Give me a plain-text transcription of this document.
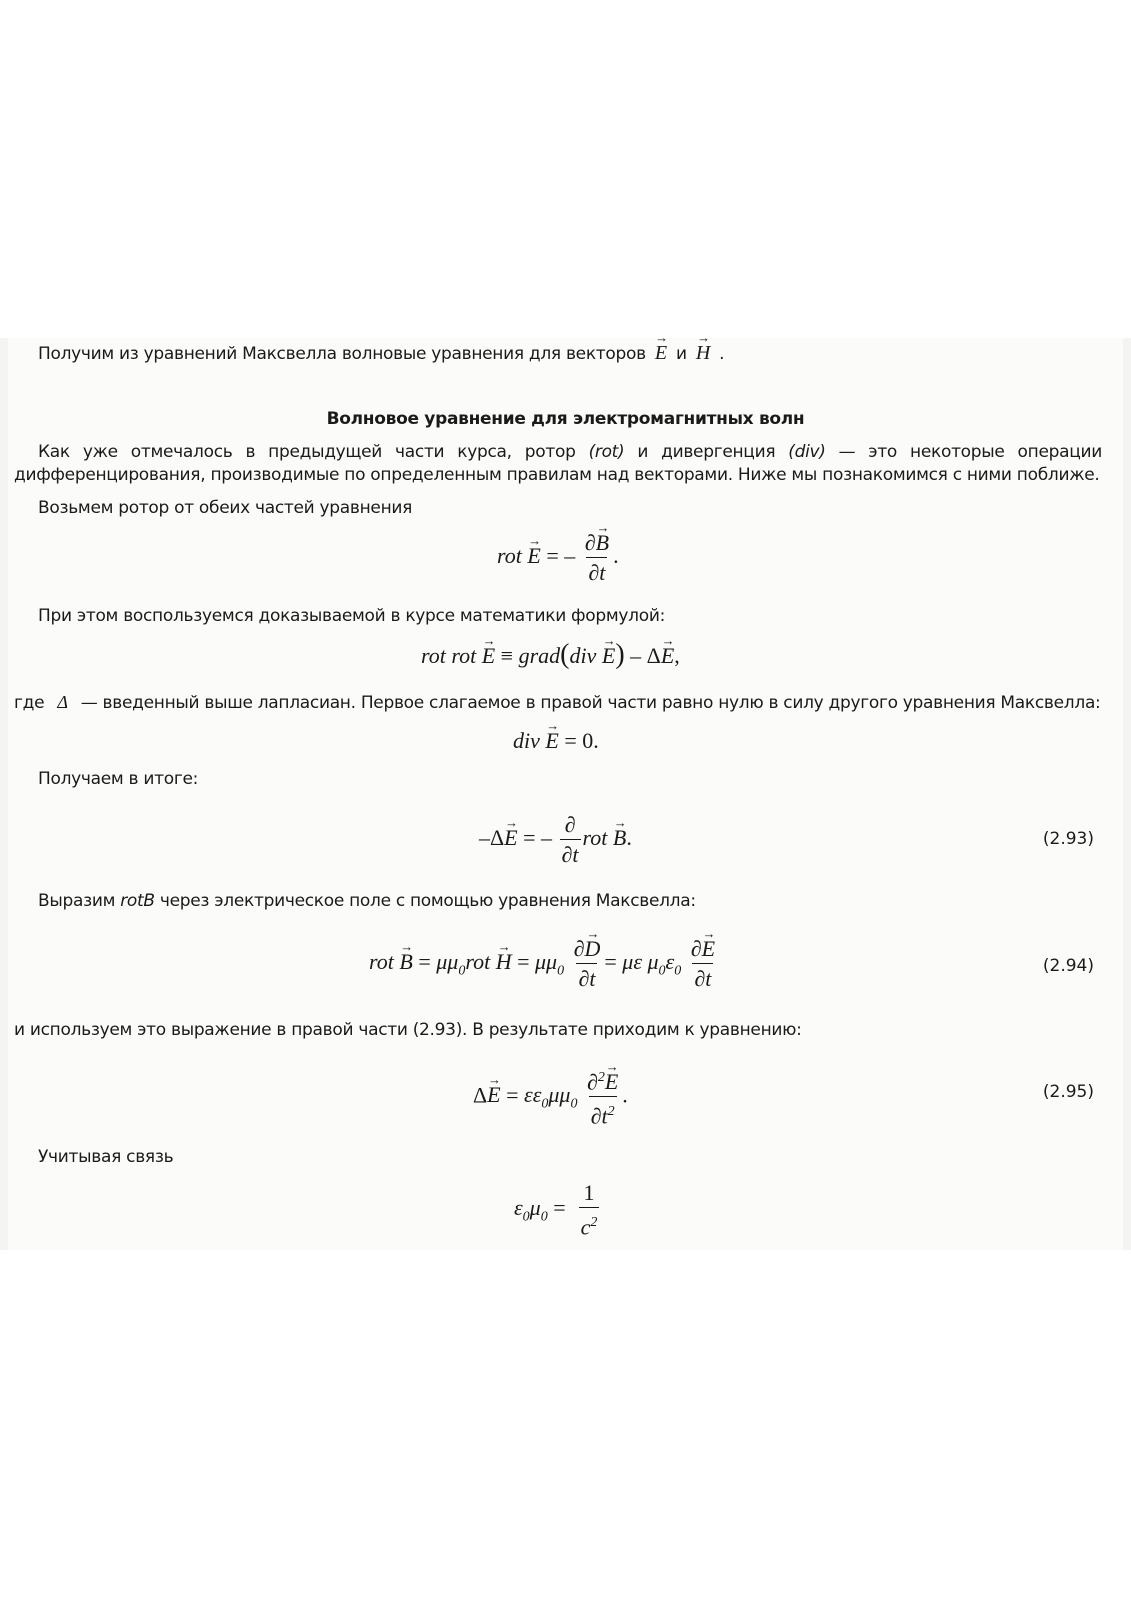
Получим из уравнений Максвелла волновые уравнения для векторов → E и → H .
Волновое уравнение для электромагнитных волн
Как уже отмечалось в предыдущей части курса, ротор (rot) и дивергенция (div) — это некоторые операции
дифференцирования, производимые по определенным правилам над векторами. Ниже мы познакомимся с ними поближе.
Возьмем ротор от обеих частей уравнения
rot → E = – $\frac{\partial\to B}{\partial t}$ .
При этом воспользуемся доказываемой в курсе математики формулой:
rot rot → E ≡ grad(div → E) – Δ→ E,
где Δ — введенный выше лапласиан. Первое слагаемое в правой части равно нулю в силу другого уравнения Максвелла:
div → E = 0.
Получаем в итоге:
–Δ→ E = – $\frac{\partial}{\partial t}$ rot → B.	(2.93)
Выразим rotB через электрическое поле с помощью уравнения Максвелла:
rot → $B = \mu\mu_0rot \to H = \mu\mu_0 \frac{\partial\to D}{\partial t} = \mu\varepsilon$ $\mu_0\varepsilon_0 \frac{\partial\to E}{\partial t}$	(2.94)
и используем это выражение в правой части (2.93). В результате приходим к уравнению:
$\Delta\to E = \varepsilon\varepsilon_0\mu\mu_0 \frac{\partial^2\to E}{\partial t^2}$ .	(2.95)
Учитывая связь
$\varepsilon_0\mu_0 = \frac{1}{c^2}$
